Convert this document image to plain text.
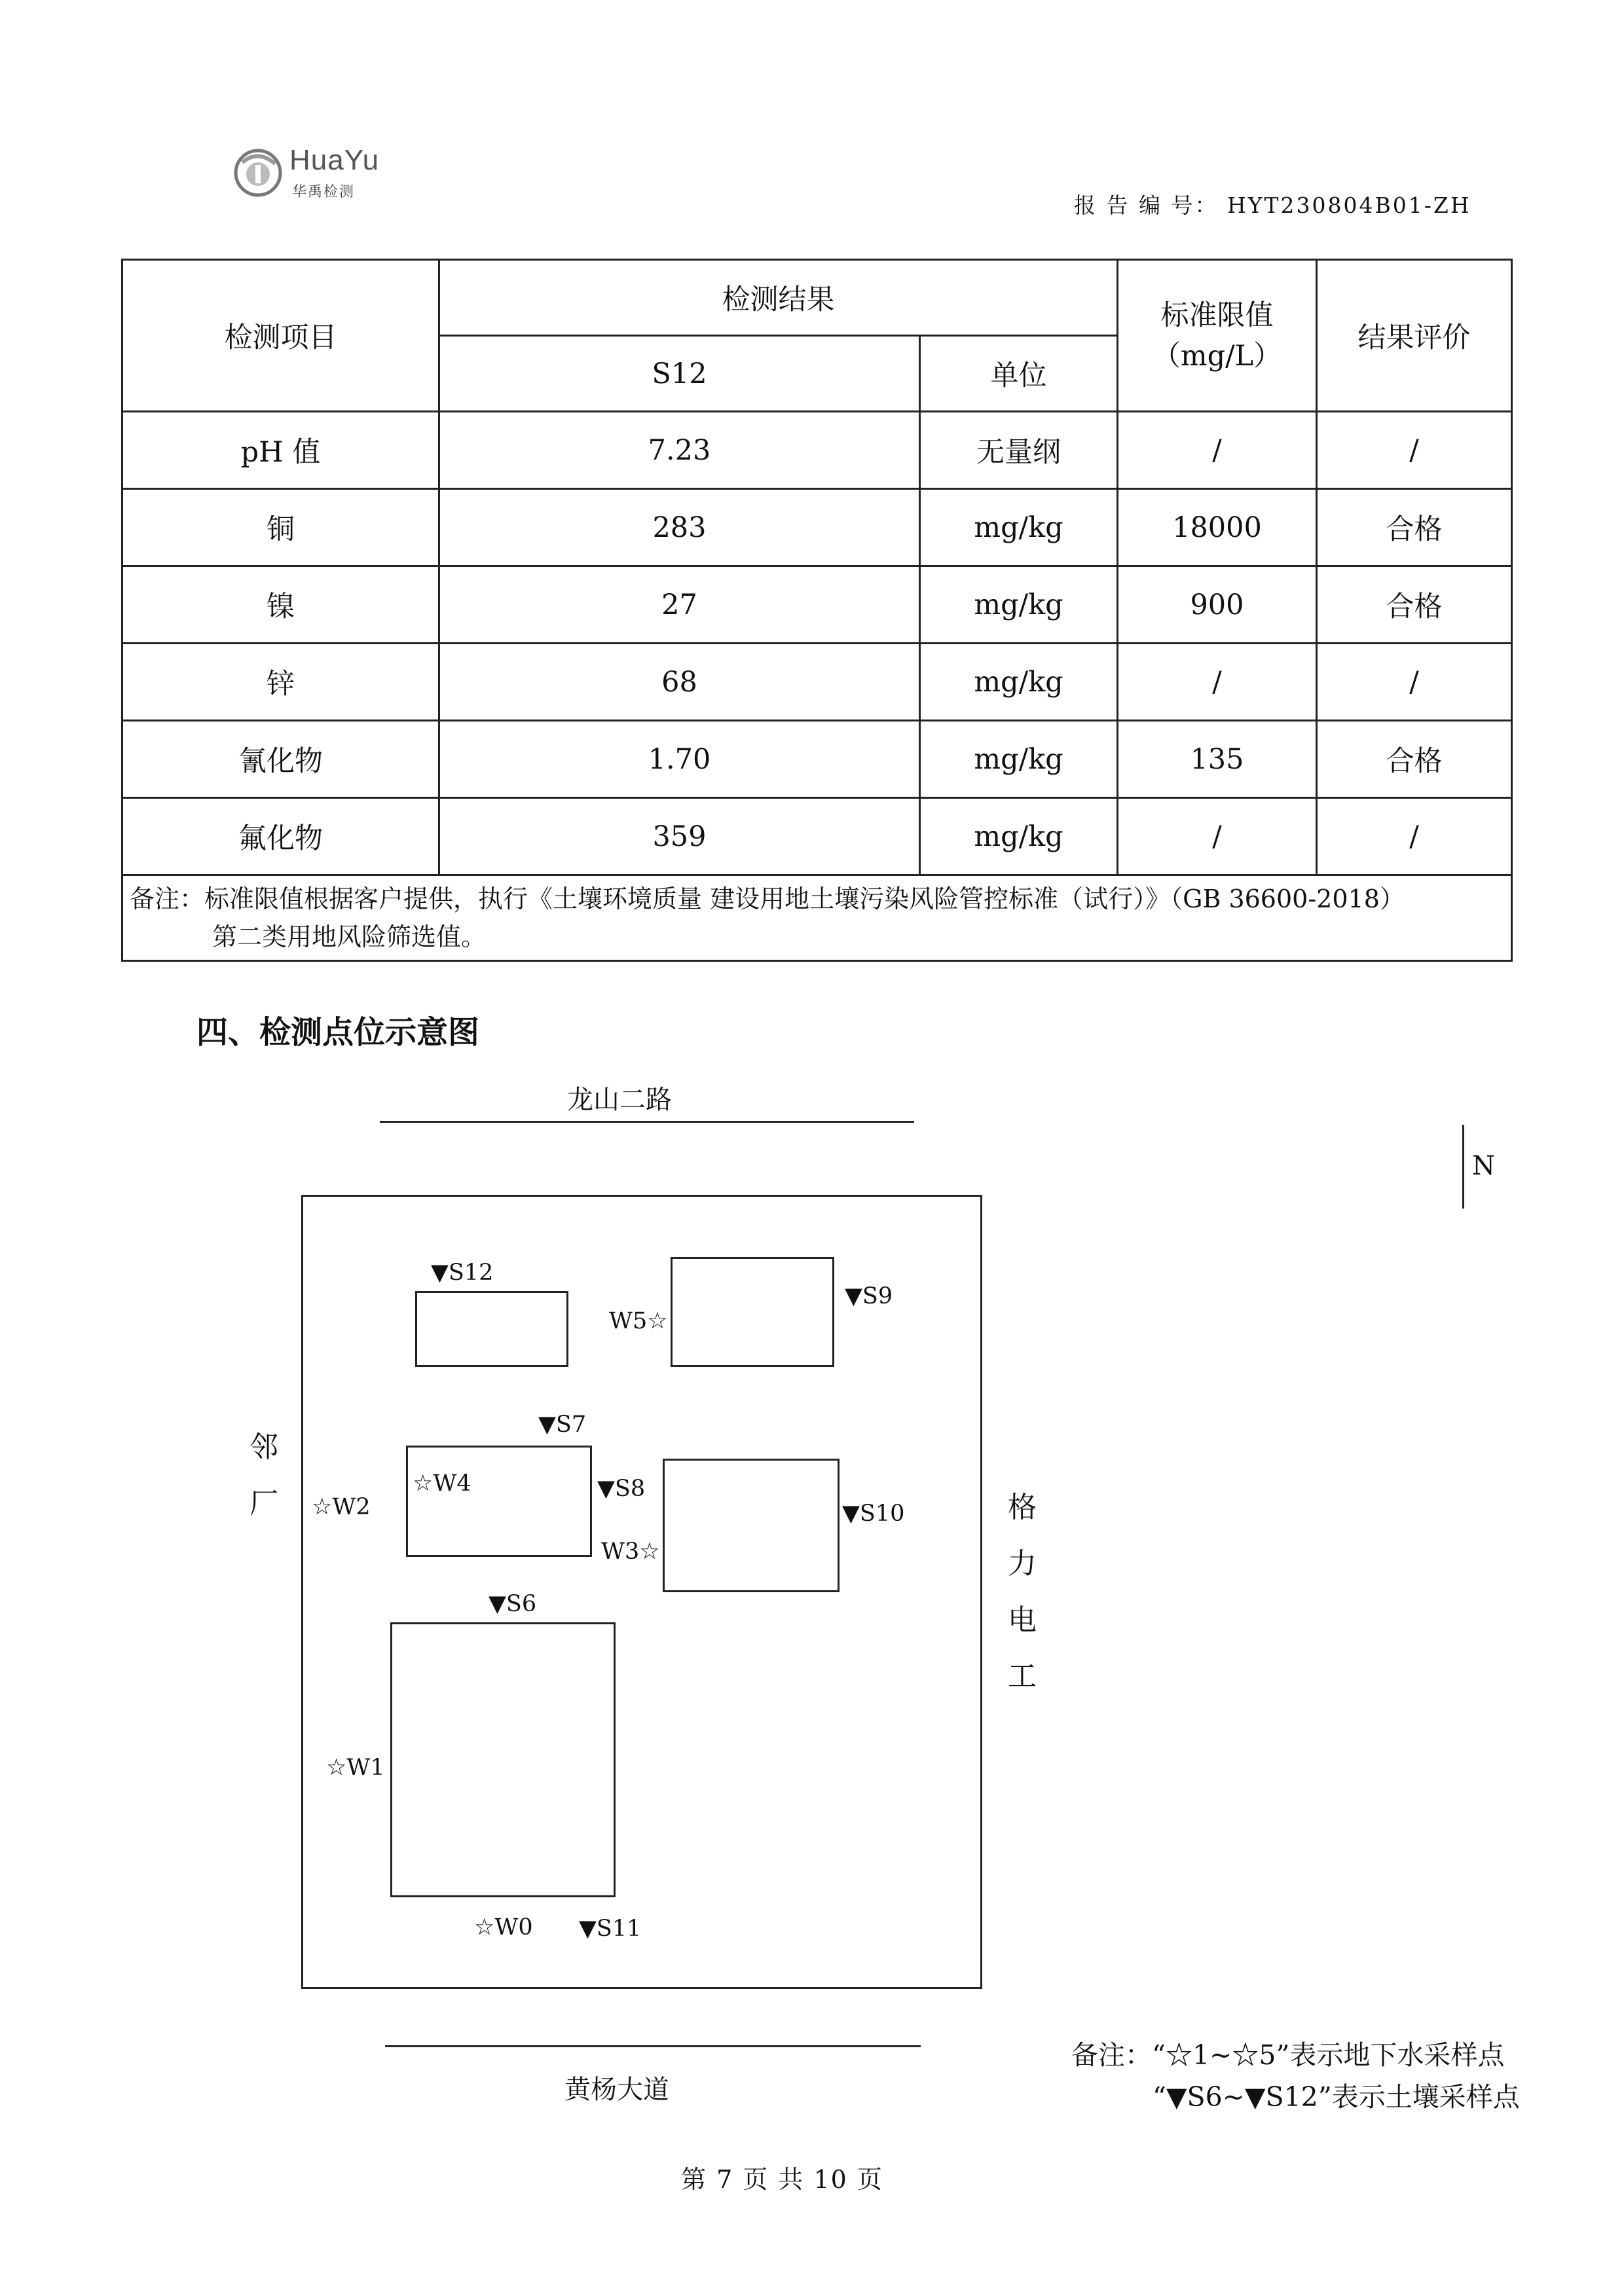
HuaYu
华禹检测
报 告 编 号： HYT230804B01-ZH
检测项目	检测结果		标准限值（mg/L）	结果评价
	S12	单位		
pH 值	7.23	无量纲	/	/
铜	283	mg/kg	18000	合格
镍	27	mg/kg	900	合格
锌	68	mg/kg	/	/
氰化物	1.70	mg/kg	135	合格
氟化物	359	mg/kg	/	/

备注：标准限值根据客户提供，执行《土壤环境质量 建设用地土壤污染风险管控标准（试行）》（GB 36600-2018）
第二类用地风险筛选值。				
四、检测点位示意图
龙山二路
N
邻厂	格力电工
▼S12
▼S9
W5☆
▼S7
☆W4
☆W2
▼S8
W3☆
▼S10
▼S6
☆W1
☆W0 ▼S11
黄杨大道
备注：“☆1~☆5”表示地下水采样点
“▼S6~▼S12”表示土壤采样点
第 7 页 共 10 页
